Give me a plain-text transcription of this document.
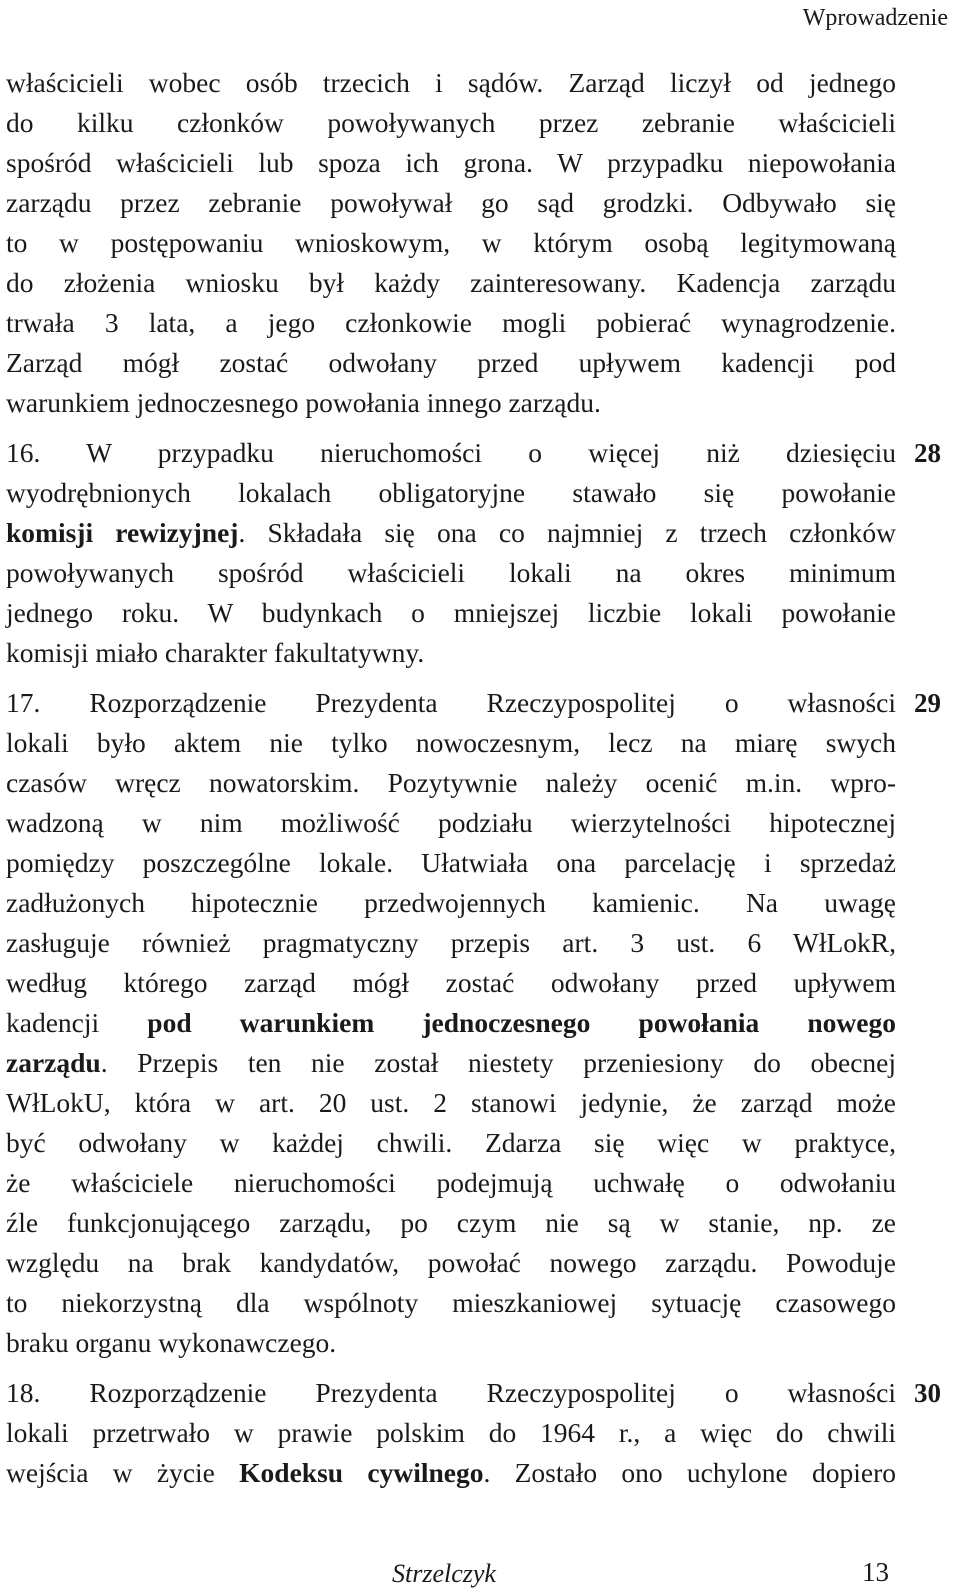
Wprowadzenie
właścicieli wobec osób trzecich i sądów. Zarząd liczył od jednego
do kilku członków powoływanych przez zebranie właścicieli
spośród właścicieli lub spoza ich grona. W przypadku niepowołania
zarządu przez zebranie powoływał go sąd grodzki. Odbywało się
to w postępowaniu wnioskowym, w którym osobą legitymowaną
do złożenia wniosku był każdy zainteresowany. Kadencja zarządu
trwała 3 lata, a jego członkowie mogli pobierać wynagrodzenie.
Zarząd mógł zostać odwołany przed upływem kadencji pod
warunkiem jednoczesnego powołania innego zarządu.
16. W przypadku nieruchomości o więcej niż dziesięciu
wyodrębnionych lokalach obligatoryjne stawało się powołanie
komisji rewizyjnej. Składała się ona co najmniej z trzech członków
powoływanych spośród właścicieli lokali na okres minimum
jednego roku. W budynkach o mniejszej liczbie lokali powołanie
komisji miało charakter fakultatywny.
17. Rozporządzenie Prezydenta Rzeczypospolitej o własności
lokali było aktem nie tylko nowoczesnym, lecz na miarę swych
czasów wręcz nowatorskim. Pozytywnie należy ocenić m.in. wpro-
wadzoną w nim możliwość podziału wierzytelności hipotecznej
pomiędzy poszczególne lokale. Ułatwiała ona parcelację i sprzedaż
zadłużonych hipotecznie przedwojennych kamienic. Na uwagę
zasługuje również pragmatyczny przepis art. 3 ust. 6 WłLokR,
według którego zarząd mógł zostać odwołany przed upływem
kadencji pod warunkiem jednoczesnego powołania nowego
zarządu. Przepis ten nie został niestety przeniesiony do obecnej
WłLokU, która w art. 20 ust. 2 stanowi jedynie, że zarząd może
być odwołany w każdej chwili. Zdarza się więc w praktyce,
że właściciele nieruchomości podejmują uchwałę o odwołaniu
źle funkcjonującego zarządu, po czym nie są w stanie, np. ze
względu na brak kandydatów, powołać nowego zarządu. Powoduje
to niekorzystną dla wspólnoty mieszkaniowej sytuację czasowego
braku organu wykonawczego.
18. Rozporządzenie Prezydenta Rzeczypospolitej o własności
lokali przetrwało w prawie polskim do 1964 r., a więc do chwili
wejścia w życie Kodeksu cywilnego. Zostało ono uchylone dopiero
Strzelczyk	13
28
29
30
